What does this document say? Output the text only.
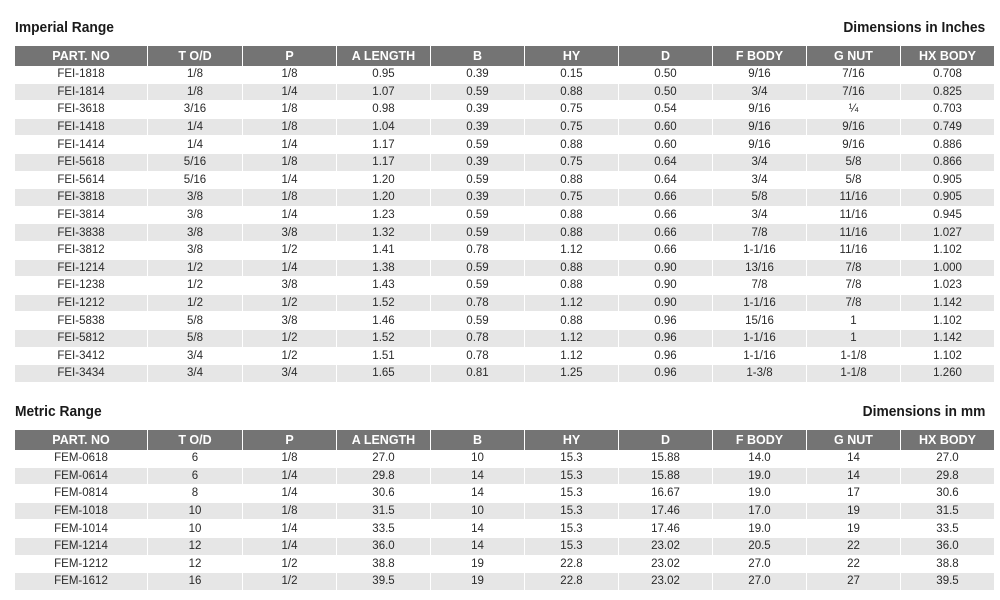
Imperial Range	Dimensions in Inches
PART. NO	T O/D	P	A LENGTH	B	HY	D	F BODY	G NUT	HX BODY
FEI-1818	1/8	1/8	0.95	0.39	0.15	0.50	9/16	7/16	0.708
FEI-1814	1/8	1/4	1.07	0.59	0.88	0.50	3/4	7/16	0.825
FEI-3618	3/16	1/8	0.98	0.39	0.75	0.54	9/16	¼	0.703
FEI-1418	1/4	1/8	1.04	0.39	0.75	0.60	9/16	9/16	0.749
FEI-1414	1/4	1/4	1.17	0.59	0.88	0.60	9/16	9/16	0.886
FEI-5618	5/16	1/8	1.17	0.39	0.75	0.64	3/4	5/8	0.866
FEI-5614	5/16	1/4	1.20	0.59	0.88	0.64	3/4	5/8	0.905
FEI-3818	3/8	1/8	1.20	0.39	0.75	0.66	5/8	11/16	0.905
FEI-3814	3/8	1/4	1.23	0.59	0.88	0.66	3/4	11/16	0.945
FEI-3838	3/8	3/8	1.32	0.59	0.88	0.66	7/8	11/16	1.027
FEI-3812	3/8	1/2	1.41	0.78	1.12	0.66	1-1/16	11/16	1.102
FEI-1214	1/2	1/4	1.38	0.59	0.88	0.90	13/16	7/8	1.000
FEI-1238	1/2	3/8	1.43	0.59	0.88	0.90	7/8	7/8	1.023
FEI-1212	1/2	1/2	1.52	0.78	1.12	0.90	1-1/16	7/8	1.142
FEI-5838	5/8	3/8	1.46	0.59	0.88	0.96	15/16	1	1.102
FEI-5812	5/8	1/2	1.52	0.78	1.12	0.96	1-1/16	1	1.142
FEI-3412	3/4	1/2	1.51	0.78	1.12	0.96	1-1/16	1-1/8	1.102
FEI-3434	3/4	3/4	1.65	0.81	1.25	0.96	1-3/8	1-1/8	1.260
Metric Range	Dimensions in mm
PART. NO	T O/D	P	A LENGTH	B	HY	D	F BODY	G NUT	HX BODY
FEM-0618	6	1/8	27.0	10	15.3	15.88	14.0	14	27.0
FEM-0614	6	1/4	29.8	14	15.3	15.88	19.0	14	29.8
FEM-0814	8	1/4	30.6	14	15.3	16.67	19.0	17	30.6
FEM-1018	10	1/8	31.5	10	15.3	17.46	17.0	19	31.5
FEM-1014	10	1/4	33.5	14	15.3	17.46	19.0	19	33.5
FEM-1214	12	1/4	36.0	14	15.3	23.02	20.5	22	36.0
FEM-1212	12	1/2	38.8	19	22.8	23.02	27.0	22	38.8
FEM-1612	16	1/2	39.5	19	22.8	23.02	27.0	27	39.5
